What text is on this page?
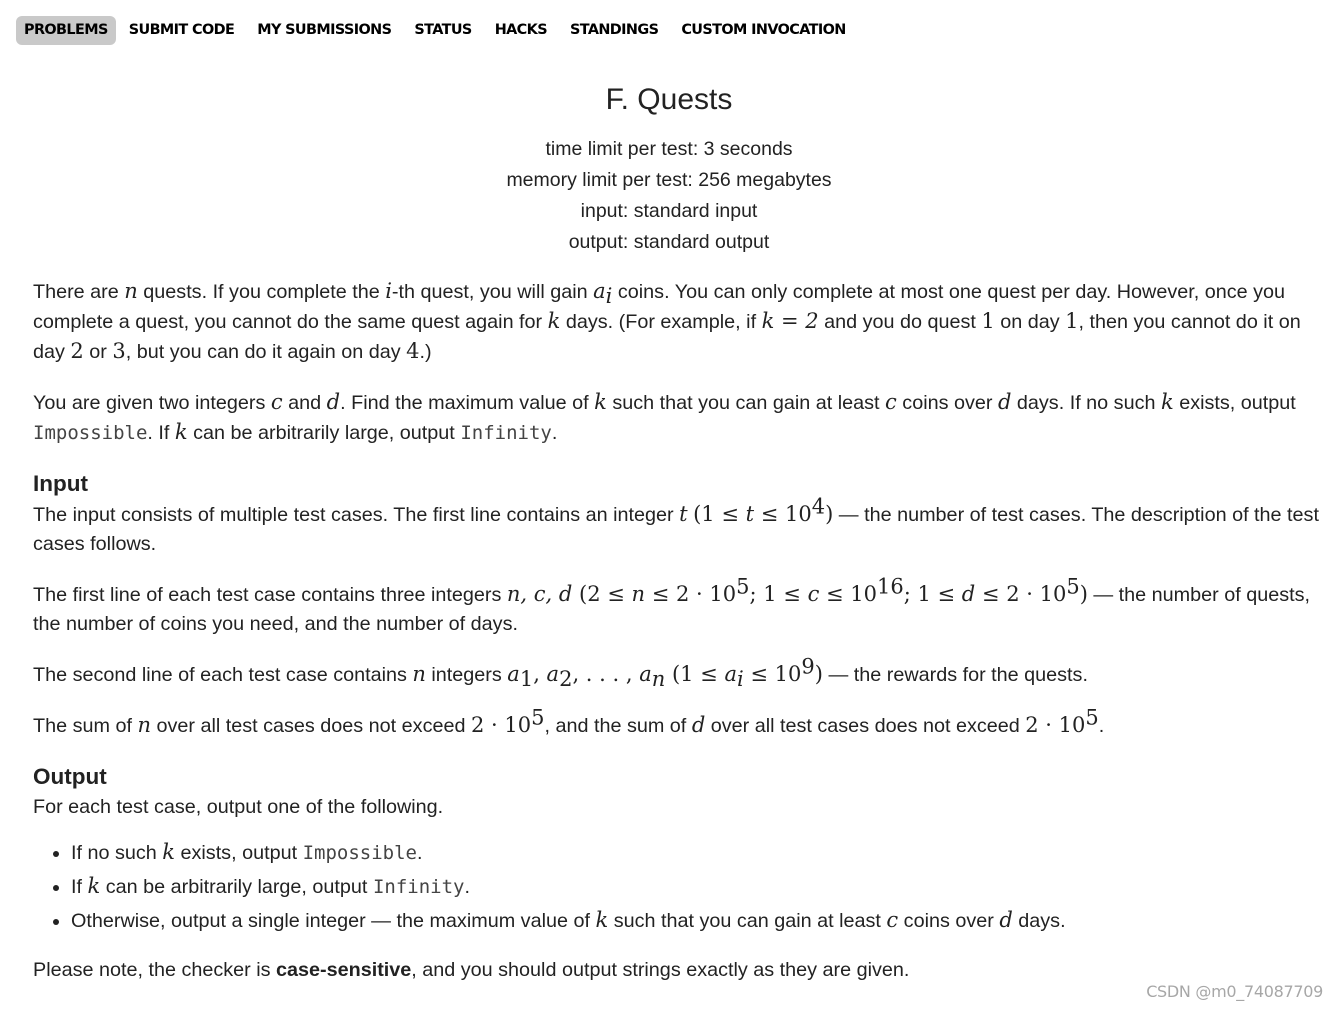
PROBLEMS	SUBMIT CODE	MY SUBMISSIONS	STATUS	HACKS	STANDINGS	CUSTOM INVOCATION
F. Quests
time limit per test: 3 seconds
memory limit per test: 256 megabytes
input: standard input
output: standard output

There are n quests. If you complete the i-th quest, you will gain $a_i$ coins. You can only complete at most one quest per day. However, once you complete a quest, you cannot do the same quest again for k days. (For example, if k = 2 and you do quest 1 on day 1, then you cannot do it on day 2 or 3, but you can do it again on day 4.)

You are given two integers c and d. Find the maximum value of k such that you can gain at least c coins over d days. If no such k exists, output Impossible. If k can be arbitrarily large, output Infinity.

Input

The input consists of multiple test cases. The first line contains an integer t $(1 \le t \le 10^4)$ — the number of test cases. The description of the test cases follows.

The first line of each test case contains three integers n, c, d ($2 \le n \le 2 \cdot 10^5$; $1 \le c \le 10^{16}$; $1 \le d \le 2 \cdot 10^5$) — the number of quests, the number of coins you need, and the number of days.

The second line of each test case contains n integers $a_1$, $a_2$, . . . , $a_n$ $(1 \le a_i \le 10^9)$ — the rewards for the quests.

The sum of n over all test cases does not exceed $2 \cdot 10^5$, and the sum of d over all test cases does not exceed $2 \cdot 10^5$.

Output

For each test case, output one of the following.

• If no such k exists, output Impossible.
• If k can be arbitrarily large, output Infinity.
• Otherwise, output a single integer — the maximum value of k such that you can gain at least c coins over d days.

Please note, the checker is case-sensitive, and you should output strings exactly as they are given.

CSDN @m0_74087709
